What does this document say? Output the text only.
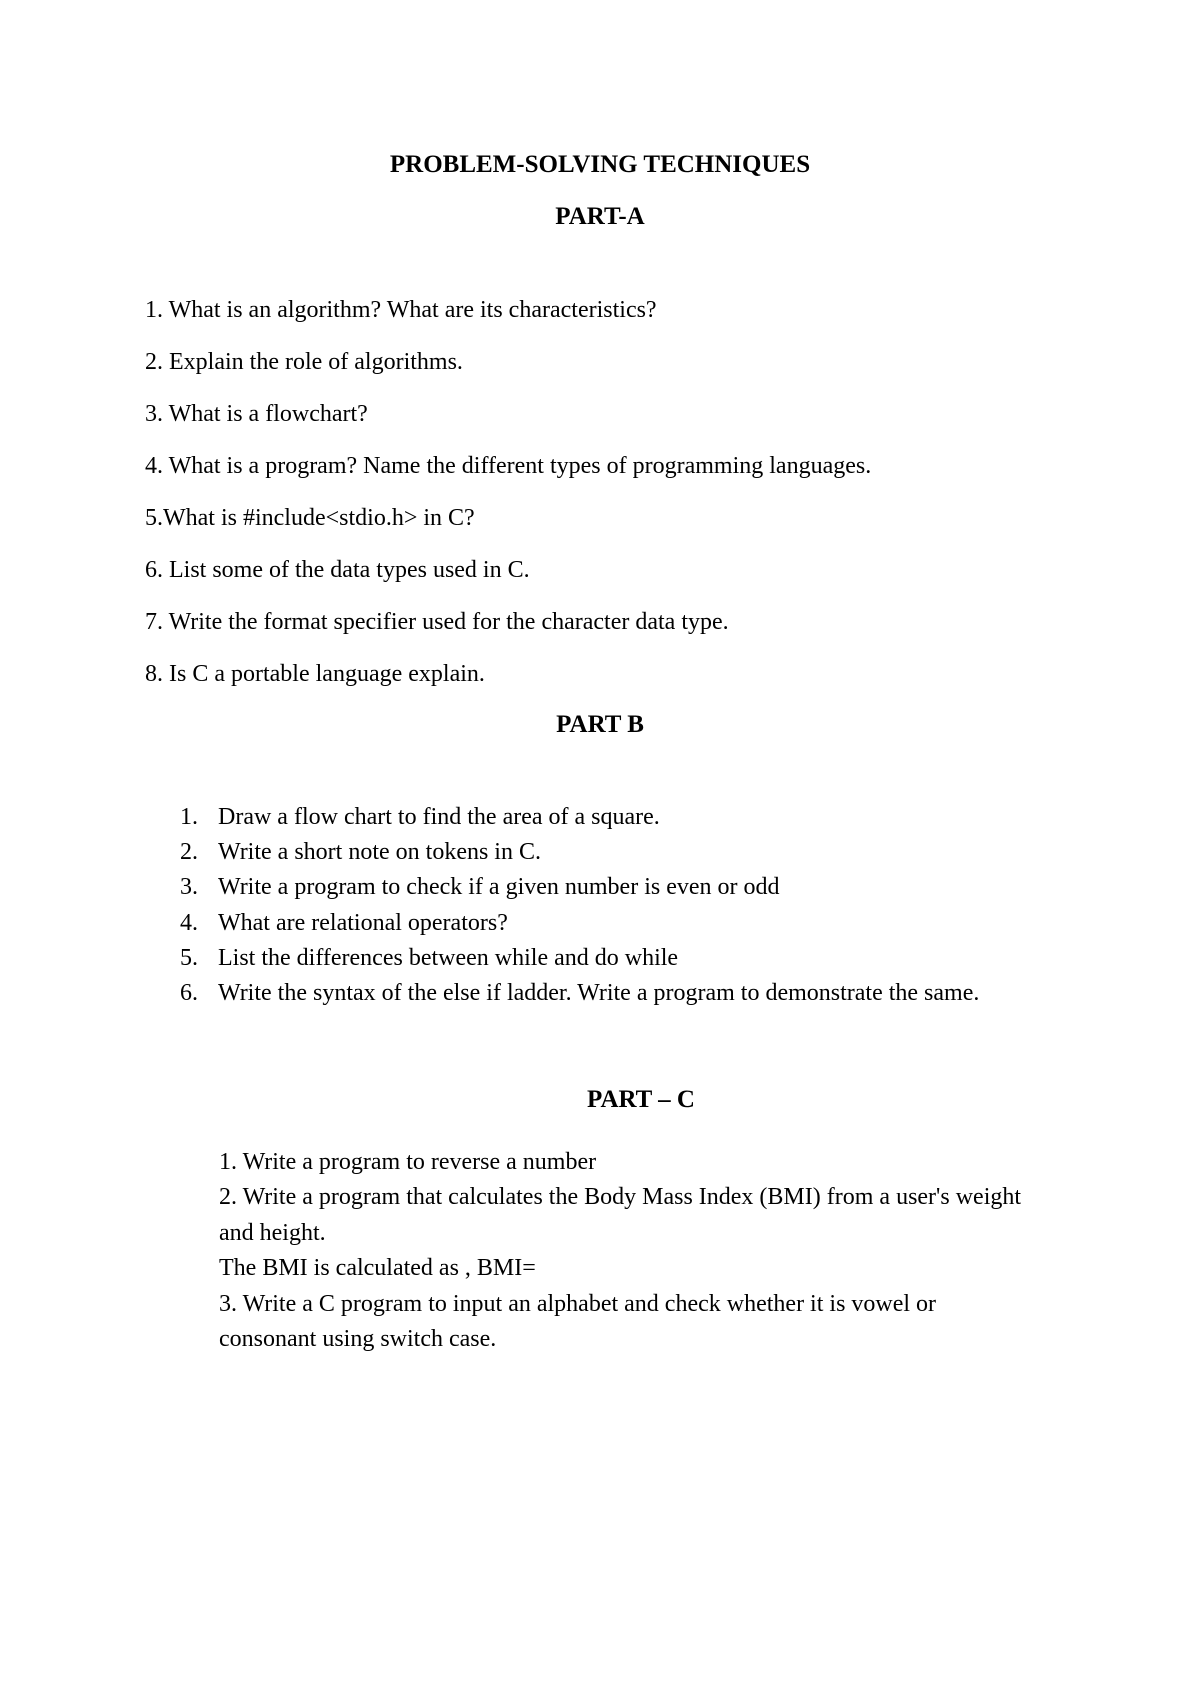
PROBLEM-SOLVING TECHNIQUES
PART-A

1. What is an algorithm? What are its characteristics?

2. Explain the role of algorithms.

3. What is a flowchart?

4. What is a program? Name the different types of programming languages.

5.What is #include<stdio.h> in C?

6. List some of the data types used in C.

7. Write the format specifier used for the character data type.

8. Is C a portable language explain.

PART B
1. Draw a flow chart to find the area of a square.
2. Write a short note on tokens in C.
3. Write a program to check if a given number is even or odd
4. What are relational operators?
5. List the differences between while and do while
6. Write the syntax of the else if ladder. Write a program to demonstrate the same.
PART – C
1. Write a program to reverse a number
2. Write a program that calculates the Body Mass Index (BMI) from a user's weight and height.
The BMI is calculated as , BMI=
3. Write a C program to input an alphabet and check whether it is vowel or consonant using switch case.
